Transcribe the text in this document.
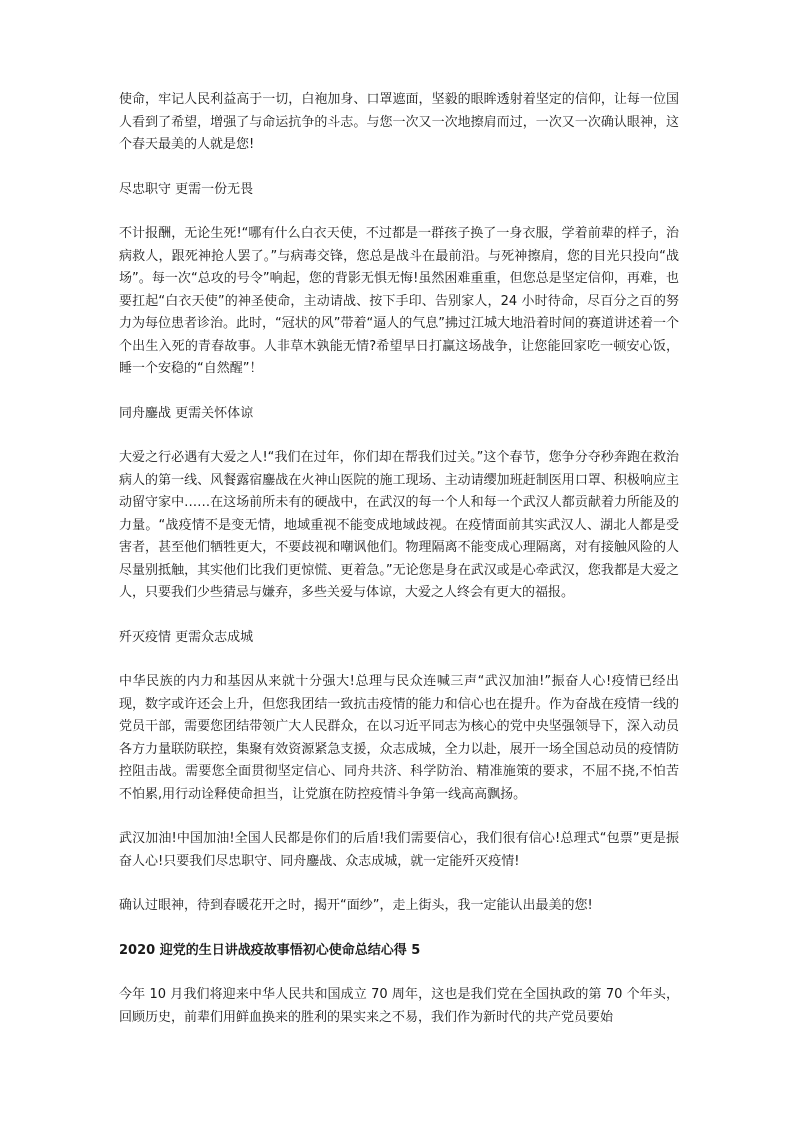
使命，牢记人民利益高于一切，白袍加身、口罩遮面，坚毅的眼眸透射着坚定的信仰，让每一位国人看到了希望，增强了与命运抗争的斗志。与您一次又一次地擦肩而过，一次又一次确认眼神，这个春天最美的人就是您!

尽忠职守 更需一份无畏

不计报酬，无论生死!“哪有什么白衣天使，不过都是一群孩子换了一身衣服，学着前辈的样子，治病救人，跟死神抢人罢了。”与病毒交锋，您总是战斗在最前沿。与死神擦肩，您的目光只投向“战场”。每一次“总攻的号令”响起，您的背影无惧无悔!虽然困难重重，但您总是坚定信仰，再难，也要扛起“白衣天使”的神圣使命，主动请战、按下手印、告别家人，24 小时待命，尽百分之百的努力为每位患者诊治。此时，“冠状的风”带着“逼人的气息”拂过江城大地沿着时间的赛道讲述着一个个出生入死的青春故事。人非草木孰能无情?希望早日打赢这场战争，让您能回家吃一顿安心饭，睡一个安稳的“自然醒”！

同舟鏖战 更需关怀体谅

大爱之行必遇有大爱之人!“我们在过年，你们却在帮我们过关。”这个春节，您争分夺秒奔跑在救治病人的第一线、风餐露宿鏖战在火神山医院的施工现场、主动请缨加班赶制医用口罩、积极响应主动留守家中……在这场前所未有的硬战中，在武汉的每一个人和每一个武汉人都贡献着力所能及的力量。“战疫情不是变无情，地域重视不能变成地域歧视。在疫情面前其实武汉人、湖北人都是受害者，甚至他们牺牲更大，不要歧视和嘲讽他们。物理隔离不能变成心理隔离，对有接触风险的人尽量别抵触，其实他们比我们更惊慌、更着急。”无论您是身在武汉或是心牵武汉，您我都是大爱之人，只要我们少些猜忌与嫌弃，多些关爱与体谅，大爱之人终会有更大的福报。

歼灭疫情 更需众志成城

中华民族的内力和基因从来就十分强大!总理与民众连喊三声“武汉加油!”振奋人心!疫情已经出现，数字或许还会上升，但您我团结一致抗击疫情的能力和信心也在提升。作为奋战在疫情一线的党员干部，需要您团结带领广大人民群众，在以习近平同志为核心的党中央坚强领导下，深入动员各方力量联防联控，集聚有效资源紧急支援，众志成城，全力以赴，展开一场全国总动员的疫情防控阻击战。需要您全面贯彻坚定信心、同舟共济、科学防治、精准施策的要求，不屈不挠,不怕苦不怕累,用行动诠释使命担当，让党旗在防控疫情斗争第一线高高飘扬。

武汉加油!中国加油!全国人民都是你们的后盾!我们需要信心，我们很有信心!总理式“包票”更是振奋人心!只要我们尽忠职守、同舟鏖战、众志成城，就一定能歼灭疫情!

确认过眼神，待到春暖花开之时，揭开“面纱”，走上街头，我一定能认出最美的您!

2020 迎党的生日讲战疫故事悟初心使命总结心得 5

今年 10 月我们将迎来中华人民共和国成立 70 周年，这也是我们党在全国执政的第 70 个年头，回顾历史，前辈们用鲜血换来的胜利的果实来之不易，我们作为新时代的共产党员要始
